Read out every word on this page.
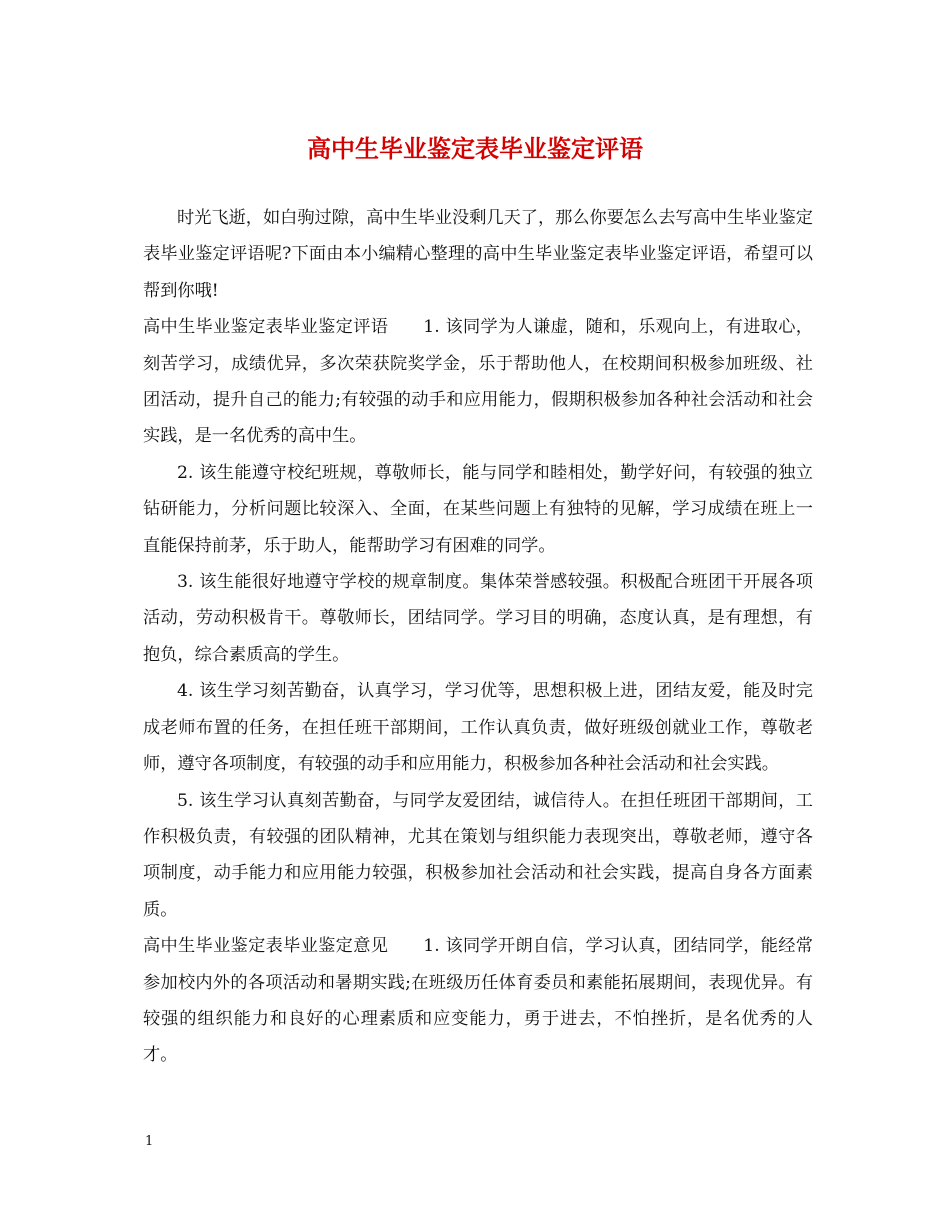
高中生毕业鉴定表毕业鉴定评语

时光飞逝，如白驹过隙，高中生毕业没剩几天了，那么你要怎么去写高中生毕业鉴定表毕业鉴定评语呢?下面由本小编精心整理的高中生毕业鉴定表毕业鉴定评语，希望可以帮到你哦!

高中生毕业鉴定表毕业鉴定评语　　1. 该同学为人谦虚，随和，乐观向上，有进取心，刻苦学习，成绩优异，多次荣获院奖学金，乐于帮助他人，在校期间积极参加班级、社团活动，提升自己的能力;有较强的动手和应用能力，假期积极参加各种社会活动和社会实践，是一名优秀的高中生。

2. 该生能遵守校纪班规，尊敬师长，能与同学和睦相处，勤学好问，有较强的独立钻研能力，分析问题比较深入、全面，在某些问题上有独特的见解，学习成绩在班上一直能保持前茅，乐于助人，能帮助学习有困难的同学。

3. 该生能很好地遵守学校的规章制度。集体荣誉感较强。积极配合班团干开展各项活动，劳动积极肯干。尊敬师长，团结同学。学习目的明确，态度认真，是有理想，有抱负，综合素质高的学生。

4. 该生学习刻苦勤奋，认真学习，学习优等，思想积极上进，团结友爱，能及时完成老师布置的任务，在担任班干部期间，工作认真负责，做好班级创就业工作，尊敬老师，遵守各项制度，有较强的动手和应用能力，积极参加各种社会活动和社会实践。

5. 该生学习认真刻苦勤奋，与同学友爱团结，诚信待人。在担任班团干部期间，工作积极负责，有较强的团队精神，尤其在策划与组织能力表现突出，尊敬老师，遵守各项制度，动手能力和应用能力较强，积极参加社会活动和社会实践，提高自身各方面素质。

高中生毕业鉴定表毕业鉴定意见　　1. 该同学开朗自信，学习认真，团结同学，能经常参加校内外的各项活动和暑期实践;在班级历任体育委员和素能拓展期间，表现优异。有较强的组织能力和良好的心理素质和应变能力，勇于进去，不怕挫折，是名优秀的人才。

1
